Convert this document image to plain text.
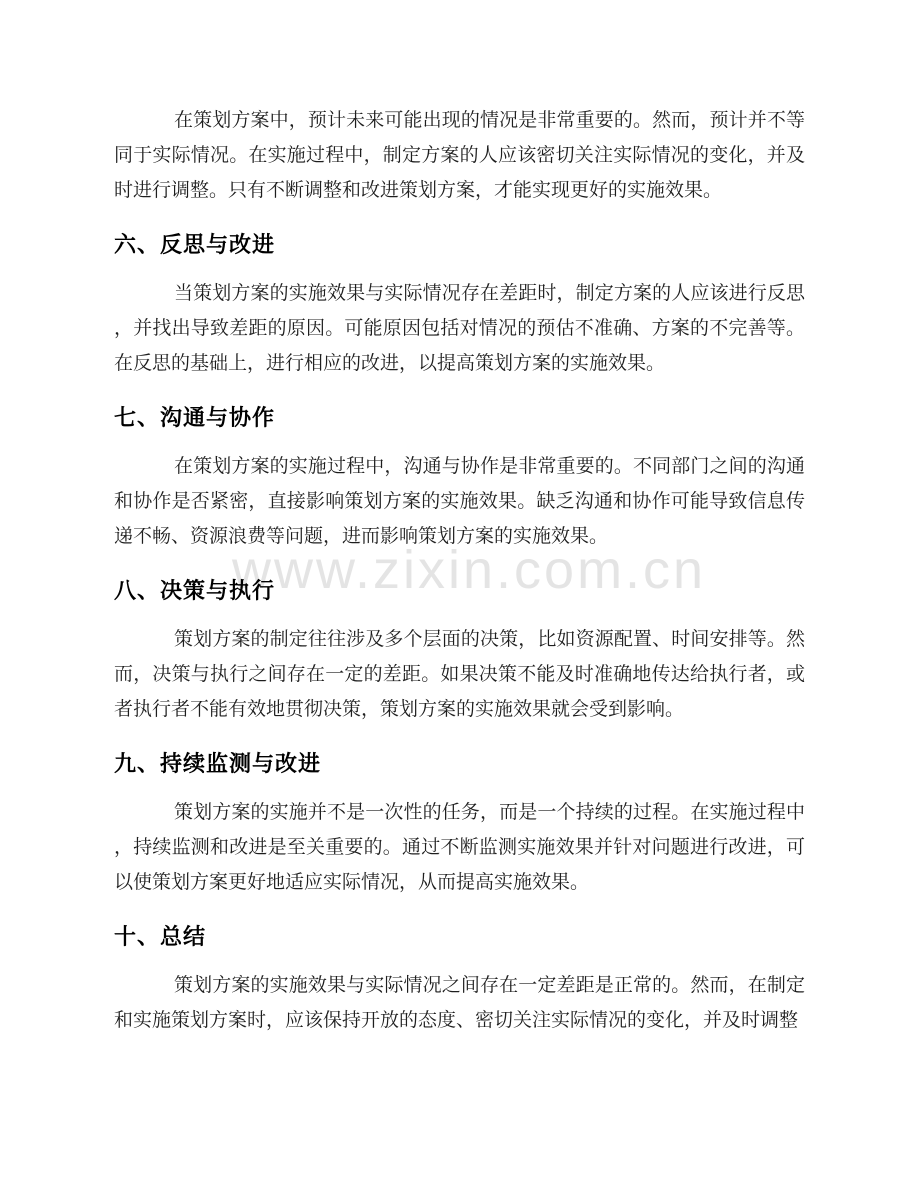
www.zixin.com.cn
在策划方案中，预计未来可能出现的情况是非常重要的。然而，预计并不等
同于实际情况。在实施过程中，制定方案的人应该密切关注实际情况的变化，并及
时进行调整。只有不断调整和改进策划方案，才能实现更好的实施效果。
六、反思与改进
当策划方案的实施效果与实际情况存在差距时，制定方案的人应该进行反思
，并找出导致差距的原因。可能原因包括对情况的预估不准确、方案的不完善等。
在反思的基础上，进行相应的改进，以提高策划方案的实施效果。
七、沟通与协作
在策划方案的实施过程中，沟通与协作是非常重要的。不同部门之间的沟通
和协作是否紧密，直接影响策划方案的实施效果。缺乏沟通和协作可能导致信息传
递不畅、资源浪费等问题，进而影响策划方案的实施效果。
八、决策与执行
策划方案的制定往往涉及多个层面的决策，比如资源配置、时间安排等。然
而，决策与执行之间存在一定的差距。如果决策不能及时准确地传达给执行者，或
者执行者不能有效地贯彻决策，策划方案的实施效果就会受到影响。
九、持续监测与改进
策划方案的实施并不是一次性的任务，而是一个持续的过程。在实施过程中
，持续监测和改进是至关重要的。通过不断监测实施效果并针对问题进行改进，可
以使策划方案更好地适应实际情况，从而提高实施效果。
十、总结
策划方案的实施效果与实际情况之间存在一定差距是正常的。然而，在制定
和实施策划方案时，应该保持开放的态度、密切关注实际情况的变化，并及时调整
